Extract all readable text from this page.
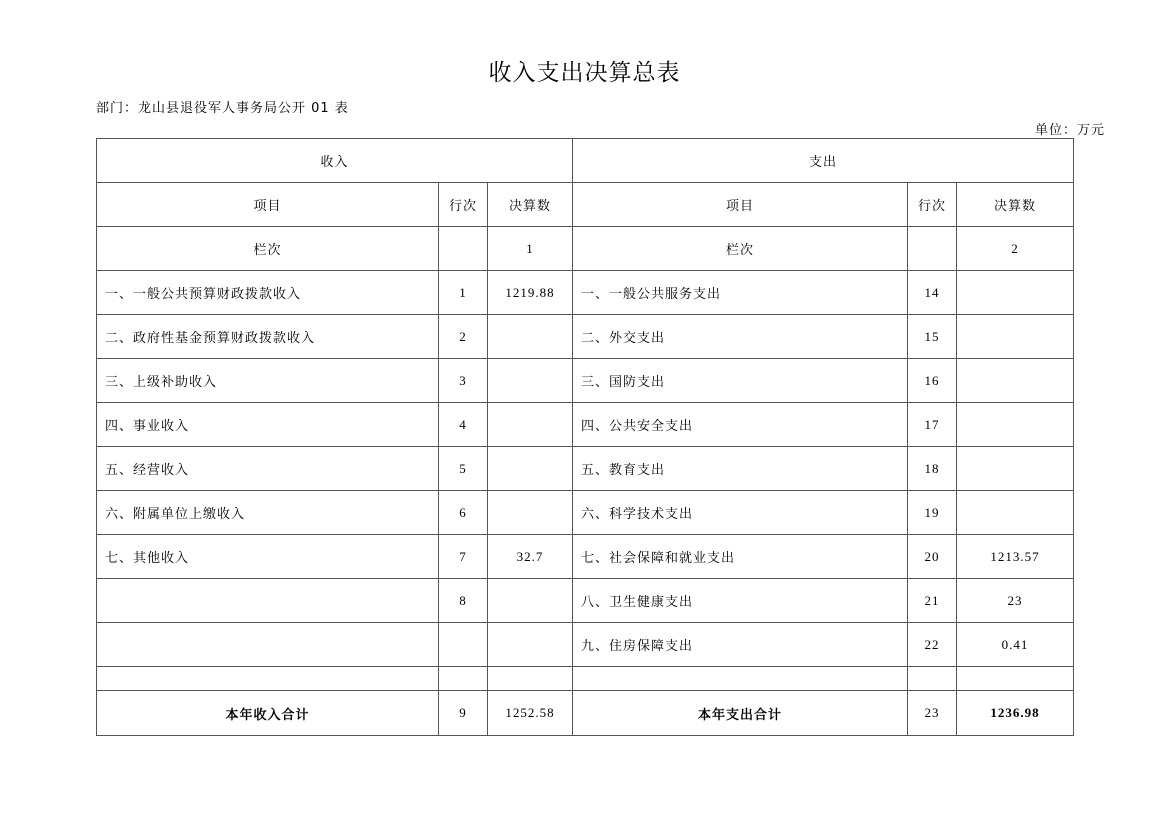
收入支出决算总表
部门：龙山县退役军人事务局公开 01 表
单位：万元
收入			支出		
项目	行次	决算数	项目	行次	决算数
栏次		1	栏次		2
一、一般公共预算财政拨款收入	1	1219.88	一、一般公共服务支出	14	
二、政府性基金预算财政拨款收入	2		二、外交支出	15	
三、上级补助收入	3		三、国防支出	16	
四、事业收入	4		四、公共安全支出	17	
五、经营收入	5		五、教育支出	18	
六、附属单位上缴收入	6		六、科学技术支出	19	
七、其他收入	7	32.7	七、社会保障和就业支出	20	1213.57
	8		八、卫生健康支出	21	23
			九、住房保障支出	22	0.41

本年收入合计	9	1252.58	本年支出合计	23	1236.98
